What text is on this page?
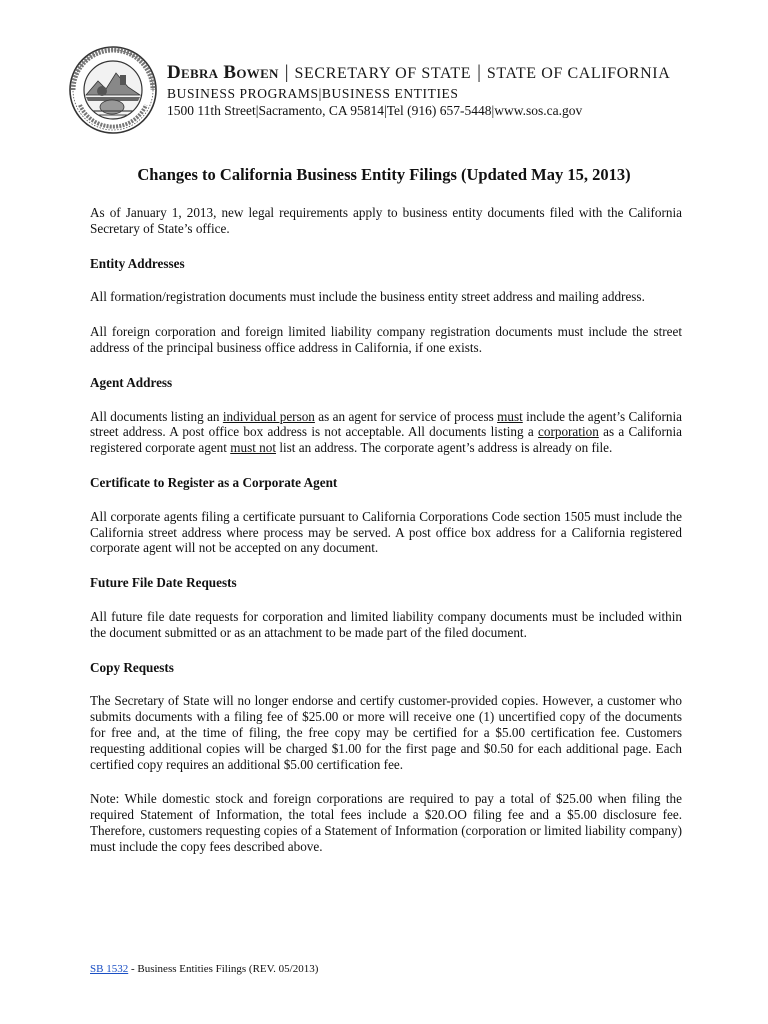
Debra Bowen | SECRETARY OF STATE | STATE OF CALIFORNIA
BUSINESS PROGRAMS|BUSINESS ENTITIES
1500 11th Street|Sacramento, CA 95814|Tel (916) 657-5448|www.sos.ca.gov
Changes to California Business Entity Filings (Updated May 15, 2013)

As of January 1, 2013, new legal requirements apply to business entity documents filed with the California Secretary of State’s office.

Entity Addresses

All formation/registration documents must include the business entity street address and mailing address.

All foreign corporation and foreign limited liability company registration documents must include the street address of the principal business office address in California, if one exists.

Agent Address

All documents listing an individual person as an agent for service of process must include the agent’s California street address. A post office box address is not acceptable. All documents listing a corporation as a California registered corporate agent must not list an address. The corporate agent’s address is already on file.

Certificate to Register as a Corporate Agent

All corporate agents filing a certificate pursuant to California Corporations Code section 1505 must include the California street address where process may be served. A post office box address for a California registered corporate agent will not be accepted on any document.

Future File Date Requests

All future file date requests for corporation and limited liability company documents must be included within the document submitted or as an attachment to be made part of the filed document.

Copy Requests

The Secretary of State will no longer endorse and certify customer-provided copies. However, a customer who submits documents with a filing fee of $25.00 or more will receive one (1) uncertified copy of the documents for free and, at the time of filing, the free copy may be certified for a $5.00 certification fee. Customers requesting additional copies will be charged $1.00 for the first page and $0.50 for each additional page. Each certified copy requires an additional $5.00 certification fee.

Note: While domestic stock and foreign corporations are required to pay a total of $25.00 when filing the required Statement of Information, the total fees include a $20.OO filing fee and a $5.00 disclosure fee. Therefore, customers requesting copies of a Statement of Information (corporation or limited liability company) must include the copy fees described above.

SB 1532 - Business Entities Filings (REV. 05/2013)
